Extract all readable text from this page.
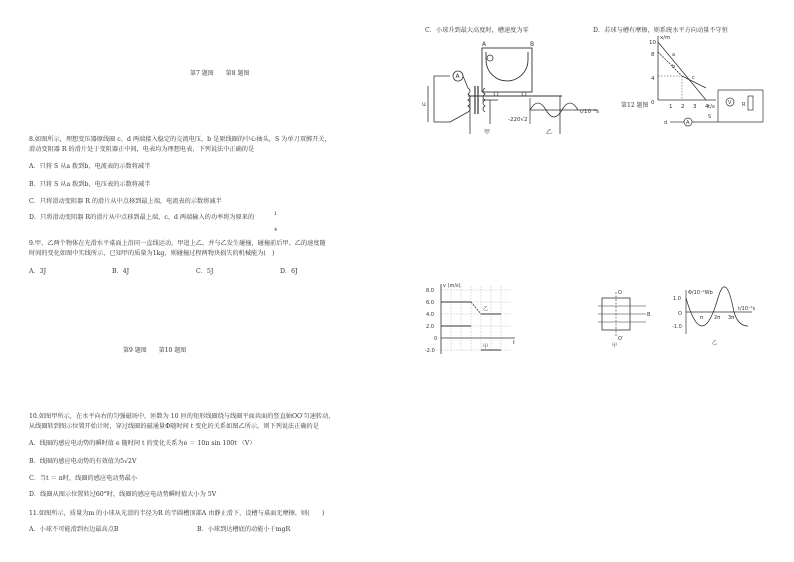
第7 题图　　第8 题图
8.如图所示，理想变压器原线圈 c、d 两端接入稳定的交流电压，b 是原线圈的中心抽头，S 为单刀双掷开关，
滑动变阻器 R 的滑片处于变阻器正中间，电表均为理想电表，下列说法中正确的是
A．只将 S 从a 拨到b，电流表的示数将减半
B．只将 S 从a 拨到b，电压表的示数将减半
C．只将滑动变阻器 R 的滑片从中点移到最上端，电流表的示数将减半
D．只将滑动变阻器 R的滑片从中点移到最上端，c、d 两端输入的功率将为原来的	1
4
9.甲、乙两个物体在光滑水平桌面上沿同一直线运动，甲追上乙，并与乙发生碰撞，碰撞前后甲、乙的速度随
时间的变化如图中实线所示，已知甲的质量为1kg，则碰撞过程两物块损失的机械能为(　)
A．3J	B．4J	C．5J	D．6J
第9 题图　　第10 题图
10.如图甲所示，在水平向右的匀强磁场中，匝数为 10 匝的矩形线圈绕与线圈平面共面的竖直轴OO′匀速转动，
从线圈转到图示位置开始计时，穿过线圈的磁通量Φ随时间 t 变化的关系如图乙所示，则下列说法正确的是
A．线圈的感应电动势的瞬时值 e 随时间 t 的变化关系为e ＝ 10π sin 100t （V）
B．线圈的感应电动势的有效值为5√2V
C．当t ＝ π时，线圈的感应电动势最小
D．线圈从图示位置转过60°时，线圈的感应电动势瞬时值大小为 5V
11.如图所示，质量为m 的小球从光滑的半径为R 的半圆槽顶部A 由静止滑下，设槽与桌面无摩擦，则(　　)
A．小球不可能滑到右边最高点B	B．小球到达槽底的动能小于mgR
C．小球升到最大高度时，槽速度为零	D．若球与槽有摩擦，则系统水平方向动量不守恒
第12 题图
u
A
A	B
甲
-220√2
t/10⁻²s
乙
x/m
t/s
10
8
4
0
1 2 3 4
a
b
c
V R
A
d
S
v (m/s)
t
8.0
6.0
4.0
2.0
0
-2.0
乙
甲
O
O′
B
甲
Φ/10⁻²Wb
1.0
O
-1.0
π 2π 3π
t/10⁻²s
乙
